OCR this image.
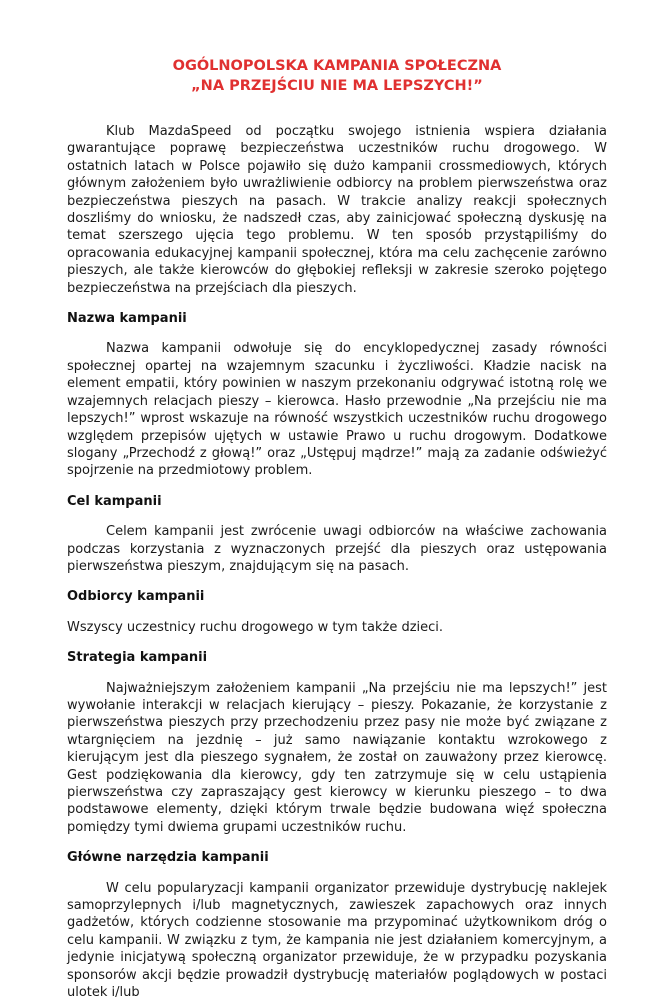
OGÓLNOPOLSKA KAMPANIA SPOŁECZNA
„NA PRZEJŚCIU NIE MA LEPSZYCH!”

Klub MazdaSpeed od początku swojego istnienia wspiera działania gwarantujące poprawę bezpieczeństwa uczestników ruchu drogowego. W ostatnich latach w Polsce pojawiło się dużo kampanii crossmediowych, których głównym założeniem było uwrażliwienie odbiorcy na problem pierwszeństwa oraz bezpieczeństwa pieszych na pasach. W trakcie analizy reakcji społecznych doszliśmy do wniosku, że nadszedł czas, aby zainicjować społeczną dyskusję na temat szerszego ujęcia tego problemu. W ten sposób przystąpiliśmy do opracowania edukacyjnej kampanii społecznej, która ma celu zachęcenie zarówno pieszych, ale także kierowców do głębokiej refleksji w zakresie szeroko pojętego bezpieczeństwa na przejściach dla pieszych.

Nazwa kampanii

Nazwa kampanii odwołuje się do encyklopedycznej zasady równości społecznej opartej na wzajemnym szacunku i życzliwości. Kładzie nacisk na element empatii, który powinien w naszym przekonaniu odgrywać istotną rolę we wzajemnych relacjach pieszy – kierowca. Hasło przewodnie „Na przejściu nie ma lepszych!” wprost wskazuje na równość wszystkich uczestników ruchu drogowego względem przepisów ujętych w ustawie Prawo u ruchu drogowym. Dodatkowe slogany „Przechodź z głową!” oraz „Ustępuj mądrze!” mają za zadanie odświeżyć spojrzenie na przedmiotowy problem.

Cel kampanii

Celem kampanii jest zwrócenie uwagi odbiorców na właściwe zachowania podczas korzystania z wyznaczonych przejść dla pieszych oraz ustępowania pierwszeństwa pieszym, znajdującym się na pasach.

Odbiorcy kampanii

Wszyscy uczestnicy ruchu drogowego w tym także dzieci.

Strategia kampanii

Najważniejszym założeniem kampanii „Na przejściu nie ma lepszych!” jest wywołanie interakcji w relacjach kierujący – pieszy. Pokazanie, że korzystanie z pierwszeństwa pieszych przy przechodzeniu przez pasy nie może być związane z wtargnięciem na jezdnię – już samo nawiązanie kontaktu wzrokowego z kierującym jest dla pieszego sygnałem, że został on zauważony przez kierowcę. Gest podziękowania dla kierowcy, gdy ten zatrzymuje się w celu ustąpienia pierwszeństwa czy zapraszający gest kierowcy w kierunku pieszego – to dwa podstawowe elementy, dzięki którym trwale będzie budowana więź społeczna pomiędzy tymi dwiema grupami uczestników ruchu.

Główne narzędzia kampanii

W celu popularyzacji kampanii organizator przewiduje dystrybucję naklejek samoprzylepnych i/lub magnetycznych, zawieszek zapachowych oraz innych gadżetów, których codzienne stosowanie ma przypominać użytkownikom dróg o celu kampanii. W związku z tym, że kampania nie jest działaniem komercyjnym, a jedynie inicjatywą społeczną organizator przewiduje, że w przypadku pozyskania sponsorów akcji będzie prowadził dystrybucję materiałów poglądowych w postaci ulotek i/lub
